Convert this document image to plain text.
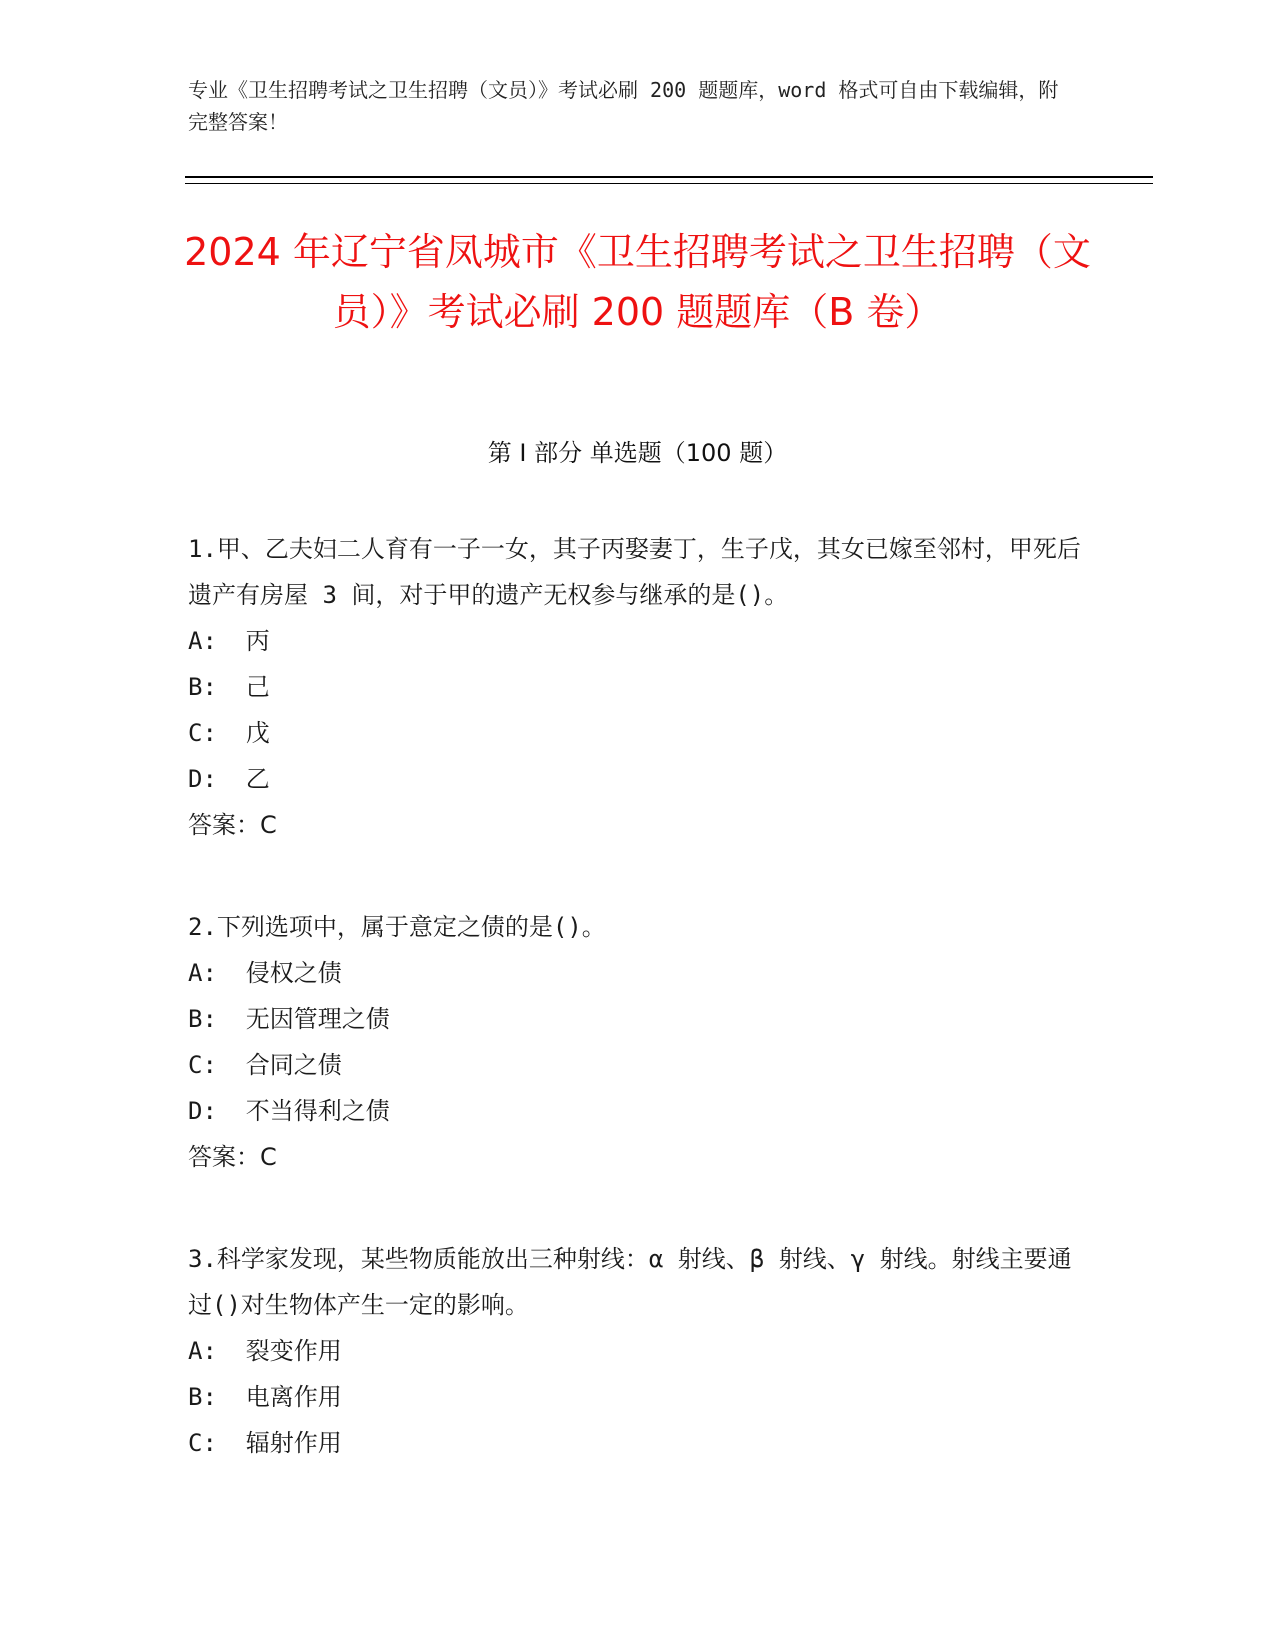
专业《卫生招聘考试之卫生招聘（文员）》考试必刷 200 题题库，word 格式可自由下载编辑，附完整答案！
2024 年辽宁省凤城市《卫生招聘考试之卫生招聘（文员）》考试必刷 200 题题库（B 卷）
第 I 部分 单选题（100 题）

1.甲、乙夫妇二人育有一子一女，其子丙娶妻丁，生子戊，其女已嫁至邻村，甲死后遗产有房屋 3 间，对于甲的遗产无权参与继承的是()。

A:  丙

B:  己

C:  戊

D:  乙

答案：C

2.下列选项中，属于意定之债的是()。

A:  侵权之债

B:  无因管理之债

C:  合同之债

D:  不当得利之债

答案：C

3.科学家发现，某些物质能放出三种射线：α 射线、β 射线、γ 射线。射线主要通过()对生物体产生一定的影响。

A:  裂变作用

B:  电离作用

C:  辐射作用
